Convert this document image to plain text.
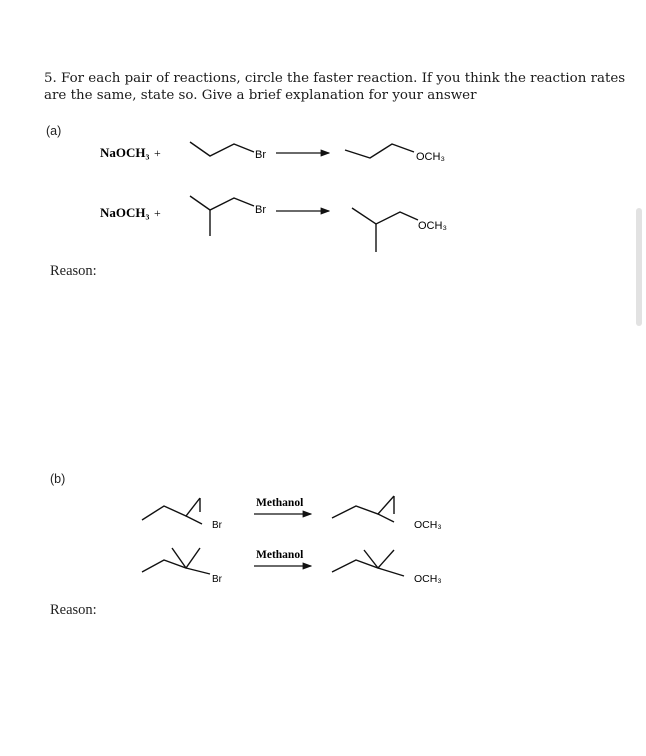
5. For each pair of reactions, circle the faster reaction. If you think the reaction rates are the same, state so. Give a brief explanation for your answer
(a)
NaOCH₃ +	Br	OCH₃
NaOCH₃ +	Br
OCH₃
Br
Methanol
OCH₃
Br
Methanol
OCH₃
Reason:
(b)
Reason:
